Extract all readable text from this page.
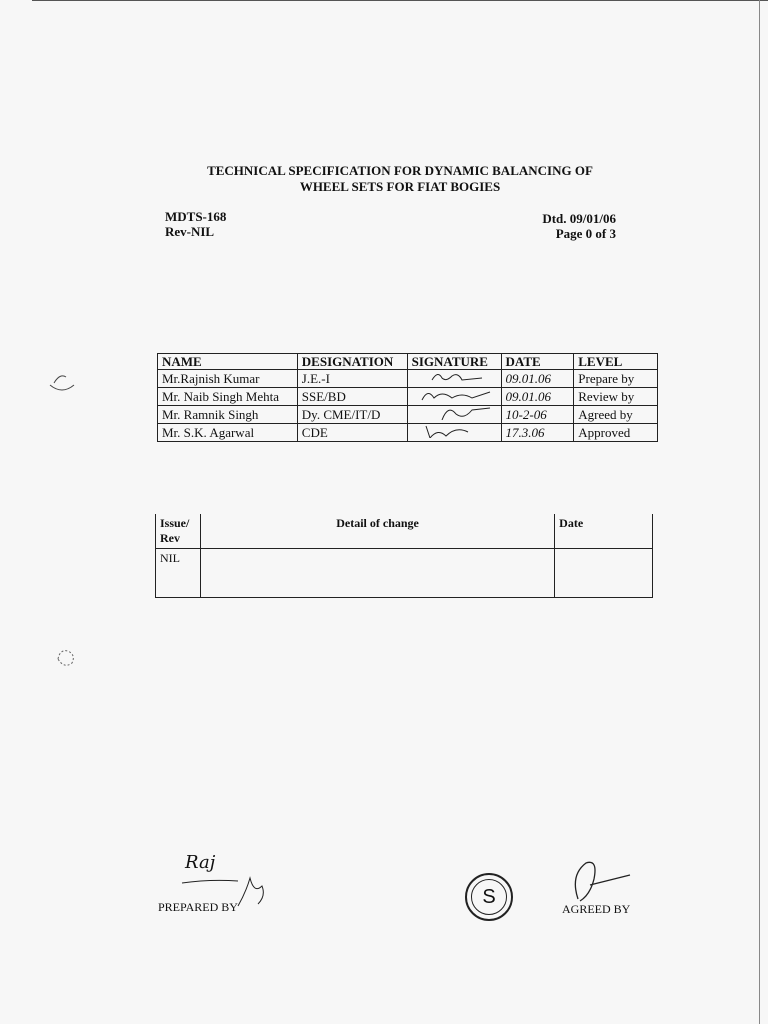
TECHNICAL SPECIFICATION FOR DYNAMIC BALANCING OF
WHEEL SETS FOR FIAT BOGIES
MDTS-168
Rev-NIL
Dtd. 09/01/06
Page 0 of 3
NAME	DESIGNATION	SIGNATURE	DATE	LEVEL
Mr.Rajnish Kumar	J.E.-I		09.01.06	Prepare by
Mr. Naib Singh Mehta	SSE/BD		09.01.06	Review by
Mr. Ramnik Singh	Dy. CME/IT/D		10-2-06	Agreed by
Mr. S.K. Agarwal	CDE		17.3.06	Approved
Issue/
Rev	Detail of change	Date
NIL		
Raj
PREPARED BY	S
AGREED BY
